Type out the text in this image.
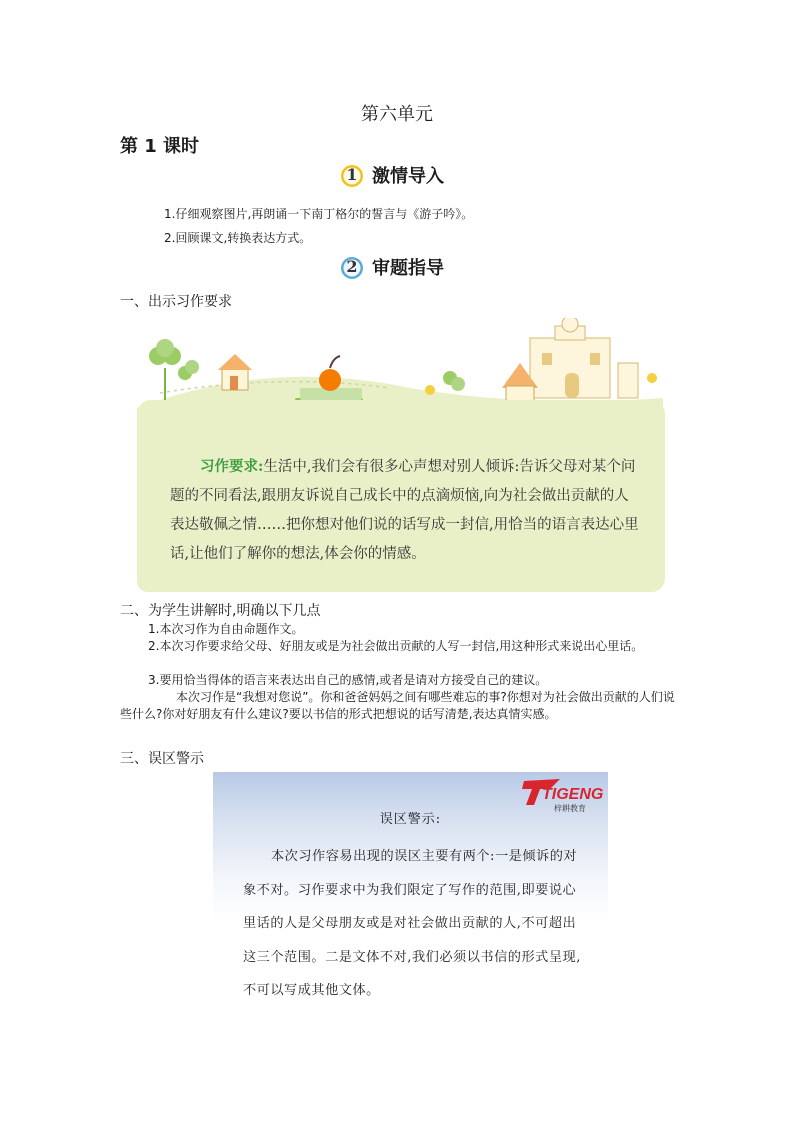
第六单元
第 1 课时
1 激情导入
1.仔细观察图片,再朗诵一下南丁格尔的誓言与《游子吟》。
2.回顾课文,转换表达方式。
2 审题指导
一、出示习作要求
习作要求:生活中,我们会有很多心声想对别人倾诉:告诉父母对某个问题的不同看法,跟朋友诉说自己成长中的点滴烦恼,向为社会做出贡献的人表达敬佩之情……把你想对他们说的话写成一封信,用恰当的语言表达心里话,让他们了解你的想法,体会你的情感。
二、为学生讲解时,明确以下几点
1.本次习作为自由命题作文。
2.本次习作要求给父母、好朋友或是为社会做出贡献的人写一封信,用这种形式来说出心里话。
3.要用恰当得体的语言来表达出自己的感情,或者是请对方接受自己的建议。
本次习作是“我想对您说”。你和爸爸妈妈之间有哪些难忘的事?你想对为社会做出贡献的人们说些什么?你对好朋友有什么建议?要以书信的形式把想说的话写清楚,表达真情实感。
三、误区警示
TIGENG
梓耕教育
误区警示:
本次习作容易出现的误区主要有两个:一是倾诉的对象不对。习作要求中为我们限定了写作的范围,即要说心里话的人是父母朋友或是对社会做出贡献的人,不可超出这三个范围。二是文体不对,我们必须以书信的形式呈现,不可以写成其他文体。
